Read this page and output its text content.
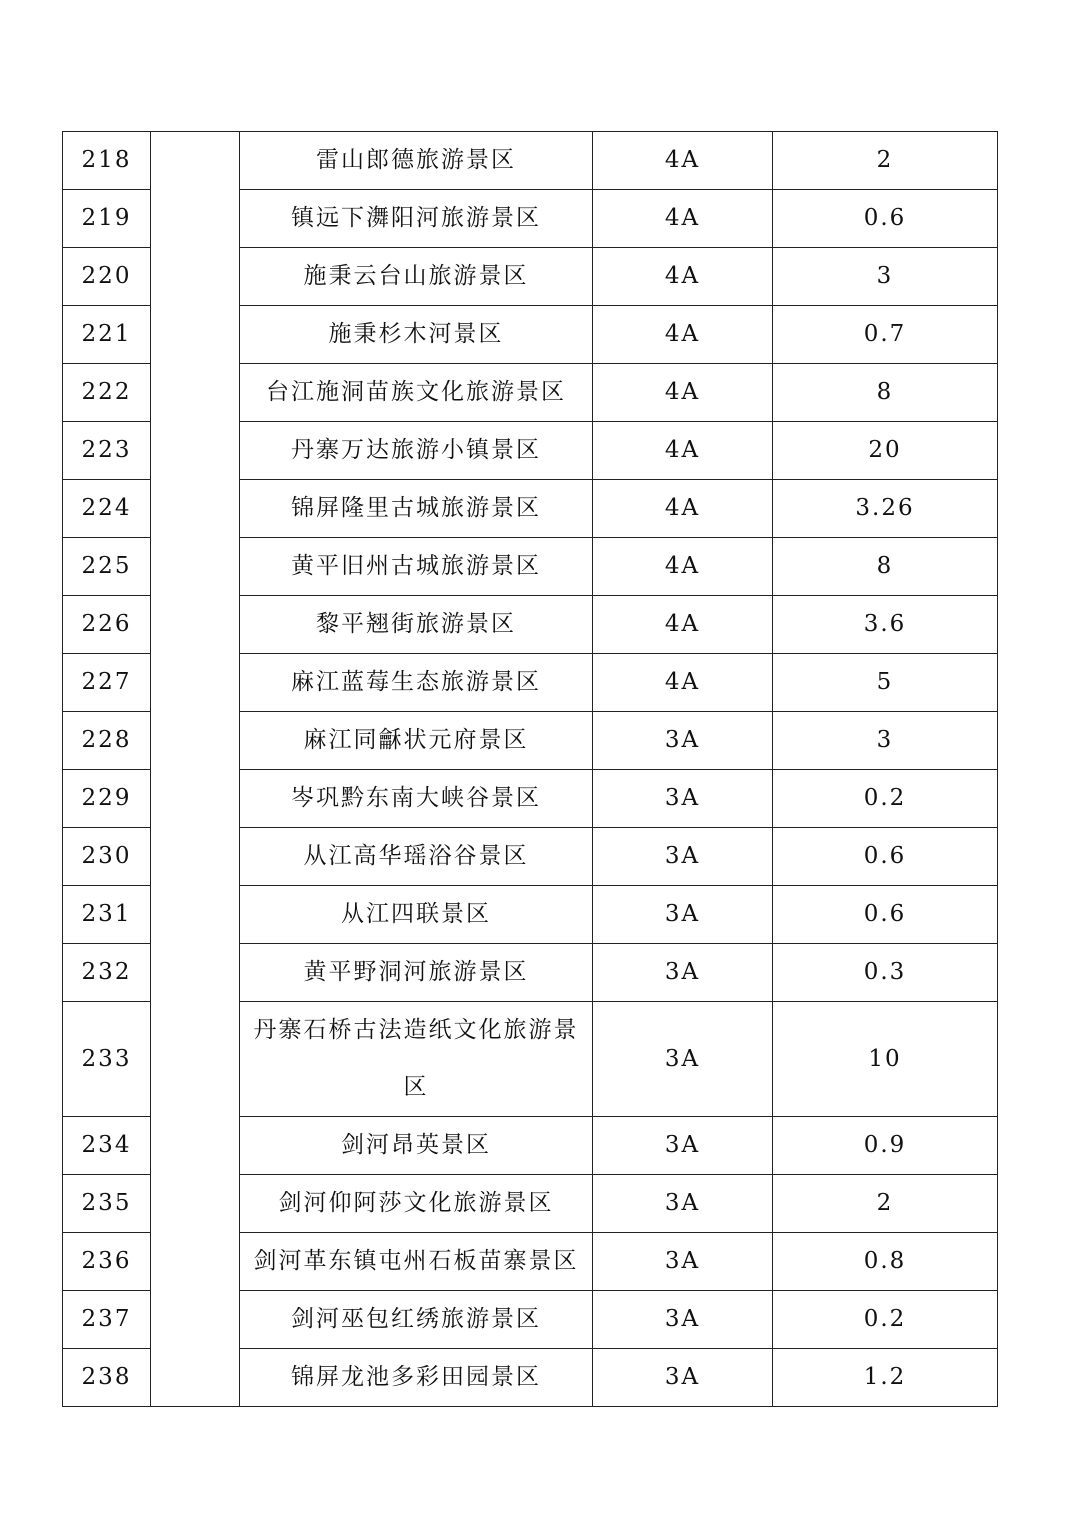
218		雷山郎德旅游景区	4A	2
219		镇远下㵲阳河旅游景区	4A	0.6
220		施秉云台山旅游景区	4A	3
221		施秉杉木河景区	4A	0.7
222		台江施洞苗族文化旅游景区	4A	8
223		丹寨万达旅游小镇景区	4A	20
224		锦屏隆里古城旅游景区	4A	3.26
225		黄平旧州古城旅游景区	4A	8
226		黎平翘街旅游景区	4A	3.6
227		麻江蓝莓生态旅游景区	4A	5
228		麻江同龢状元府景区	3A	3
229		岑巩黔东南大峡谷景区	3A	0.2
230		从江高华瑶浴谷景区	3A	0.6
231		从江四联景区	3A	0.6
232		黄平野洞河旅游景区	3A	0.3
233		丹寨石桥古法造纸文化旅游景区	3A	10
234		剑河昂英景区	3A	0.9
235		剑河仰阿莎文化旅游景区	3A	2
236		剑河革东镇屯州石板苗寨景区	3A	0.8
237		剑河巫包红绣旅游景区	3A	0.2
238		锦屏龙池多彩田园景区	3A	1.2
